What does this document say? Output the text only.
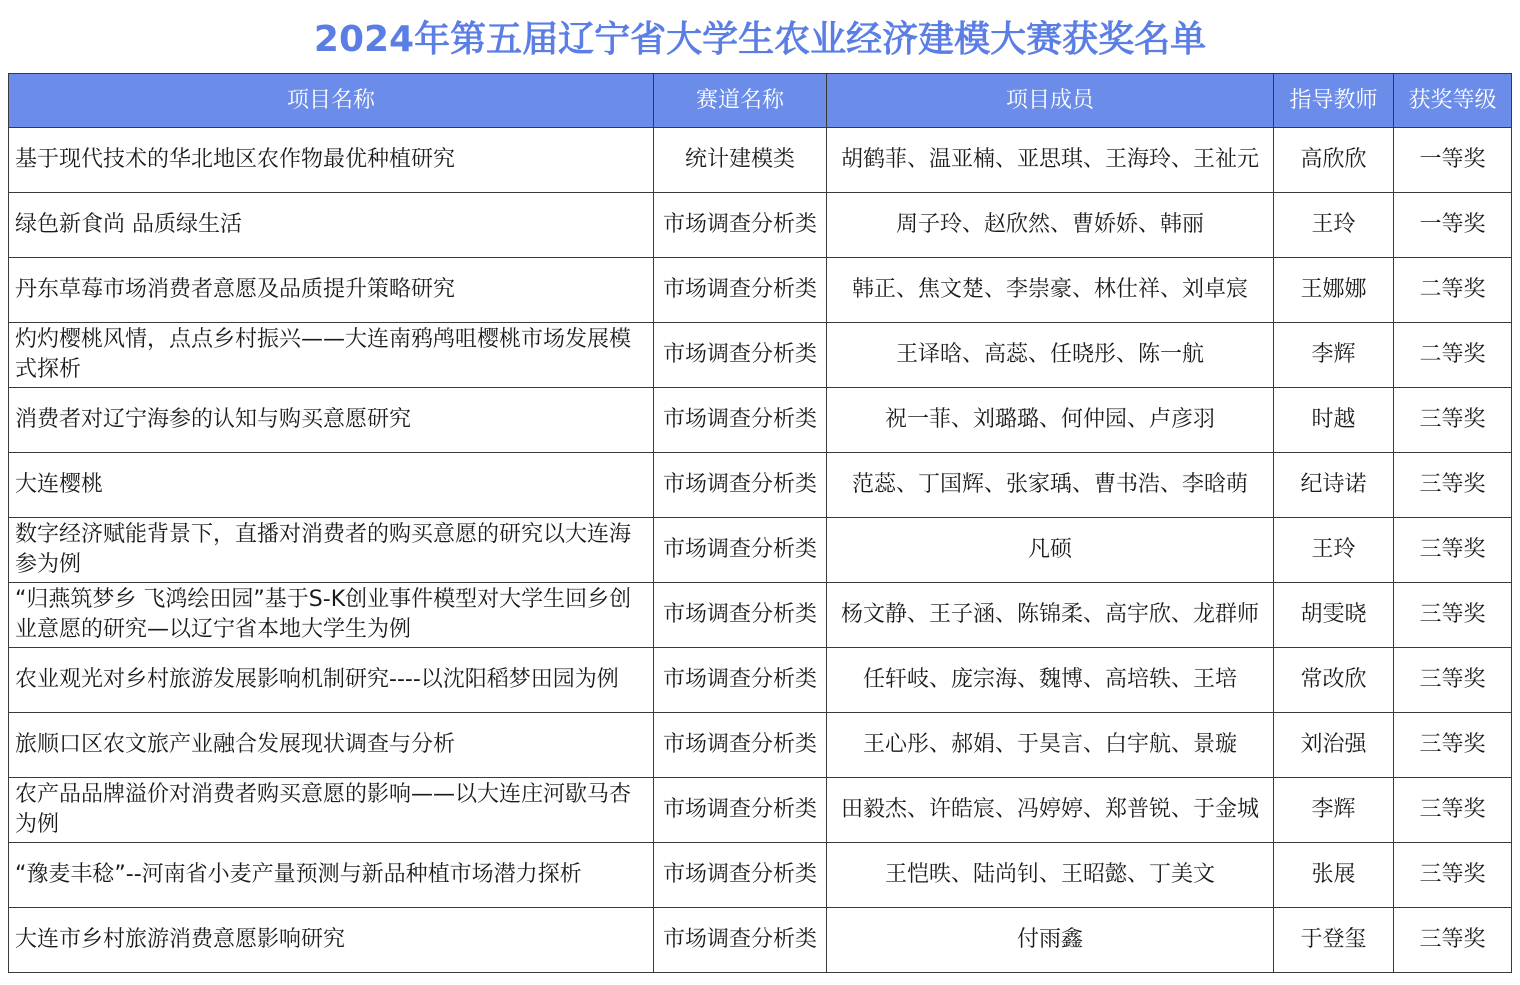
2024年第五届辽宁省大学生农业经济建模大赛获奖名单
项目名称	赛道名称	项目成员	指导教师	获奖等级
基于现代技术的华北地区农作物最优种植研究	统计建模类	胡鹤菲、温亚楠、亚思琪、王海玲、王祉元	高欣欣	一等奖
绿色新食尚 品质绿生活	市场调查分析类	周子玲、赵欣然、曹娇娇、韩丽	王玲	一等奖
丹东草莓市场消费者意愿及品质提升策略研究	市场调查分析类	韩正、焦文楚、李崇豪、林仕祥、刘卓宸	王娜娜	二等奖
灼灼樱桃风情，点点乡村振兴——大连南鸦鸬咀樱桃市场发展模式探析	市场调查分析类	王译晗、高蕊、任晓彤、陈一航	李辉	二等奖
消费者对辽宁海参的认知与购买意愿研究	市场调查分析类	祝一菲、刘璐璐、何仲园、卢彦羽	时越	三等奖
大连樱桃	市场调查分析类	范蕊、丁国辉、张家瑀、曹书浩、李晗萌	纪诗诺	三等奖
数字经济赋能背景下，直播对消费者的购买意愿的研究以大连海参为例	市场调查分析类	凡硕	王玲	三等奖
“归燕筑梦乡 飞鸿绘田园”基于S-K创业事件模型对大学生回乡创业意愿的研究—以辽宁省本地大学生为例	市场调查分析类	杨文静、王子涵、陈锦柔、高宇欣、龙群师	胡雯晓	三等奖
农业观光对乡村旅游发展影响机制研究----以沈阳稻梦田园为例	市场调查分析类	任轩岐、庞宗海、魏博、高培轶、王培	常改欣	三等奖
旅顺口区农文旅产业融合发展现状调查与分析	市场调查分析类	王心彤、郝娟、于昊言、白宇航、景璇	刘治强	三等奖
农产品品牌溢价对消费者购买意愿的影响——以大连庄河歇马杏为例	市场调查分析类	田毅杰、许皓宸、冯婷婷、郑普锐、于金城	李辉	三等奖
“豫麦丰稔”--河南省小麦产量预测与新品种植市场潜力探析	市场调查分析类	王恺昳、陆尚钊、王昭懿、丁美文	张展	三等奖
大连市乡村旅游消费意愿影响研究	市场调查分析类	付雨鑫	于登玺	三等奖
